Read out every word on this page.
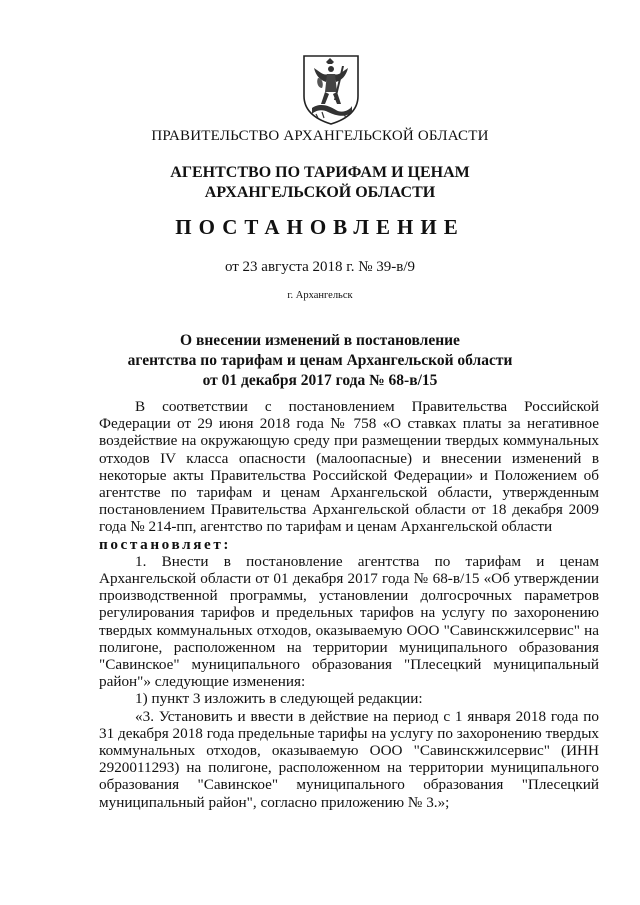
ПРАВИТЕЛЬСТВО АРХАНГЕЛЬСКОЙ ОБЛАСТИ
АГЕНТСТВО ПО ТАРИФАМ И ЦЕНАМ
АРХАНГЕЛЬСКОЙ ОБЛАСТИ
ПОСТАНОВЛЕНИЕ
от 23 августа 2018 г. № 39-в/9
г. Архангельск
О внесении изменений в постановление
агентства по тарифам и ценам Архангельской области
от 01 декабря 2017 года № 68-в/15

В соответствии с постановлением Правительства Российской Федерации от 29 июня 2018 года № 758 «О ставках платы за негативное воздействие на окружающую среду при размещении твердых коммунальных отходов IV класса опасности (малоопасные) и внесении изменений в некоторые акты Правительства Российской Федерации» и Положением об агентстве по тарифам и ценам Архангельской области, утвержденным постановлением Правительства Архангельской области от 18 декабря 2009 года № 214-пп, агентство по тарифам и ценам Архангельской области

постановляет:

1. Внести в постановление агентства по тарифам и ценам Архангельской области от 01 декабря 2017 года № 68-в/15 «Об утверждении производственной программы, установлении долгосрочных параметров регулирования тарифов и предельных тарифов на услугу по захоронению твердых коммунальных отходов, оказываемую ООО "Савинскжилсервис" на полигоне, расположенном на территории муниципального образования "Савинское" муниципального образования "Плесецкий муниципальный район"» следующие изменения:

1) пункт 3 изложить в следующей редакции:

«3. Установить и ввести в действие на период с 1 января 2018 года по 31 декабря 2018 года предельные тарифы на услугу по захоронению твердых коммунальных отходов, оказываемую ООО "Савинскжилсервис" (ИНН 2920011293) на полигоне, расположенном на территории муниципального образования "Савинское" муниципального образования "Плесецкий муниципальный район", согласно приложению № 3.»;
